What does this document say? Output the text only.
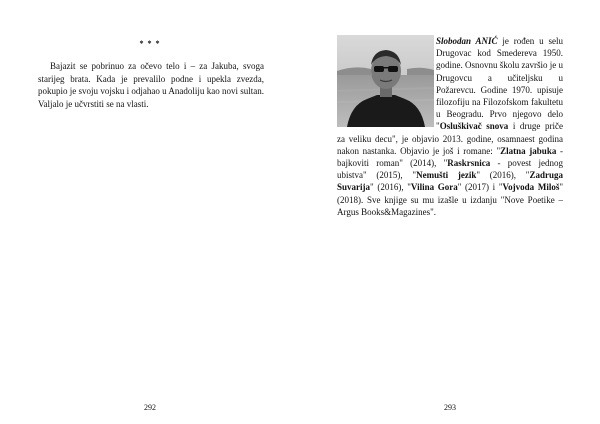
* * *

Bajazit se pobrinuo za očevo telo i – za Jakuba, svoga starijeg brata. Kada je prevalilo podne i upekla zvezda, pokupio je svoju vojsku i odjahao u Anadoliju kao novi sultan. Valjalo je učvrstiti se na vlasti.

292

Slobodan ANIĆ je rođen u selu Drugovac kod Smedereva 1950. godine. Osnovnu školu završio je u Drugovcu a učiteljsku u Požarevcu. Godine 1970. upisuje filozofiju na Filozofskom fakultetu u Beogradu. Prvo njegovo delo "Osluškivač snova i druge priče za veliku decu", je objavio 2013. godine, osamnaest godina nakon nastanka. Objavio je još i romane: "Zlatna jabuka - bajkoviti roman" (2014), "Raskrsnica - povest jednog ubistva" (2015), "Nemušti jezik" (2016), "Zadruga Suvarija" (2016), "Vilina Gora" (2017) i "Vojvoda Miloš" (2018). Sve knjige su mu izašle u izdanju "Nove Poetike – Argus Books&Magazines".

293
